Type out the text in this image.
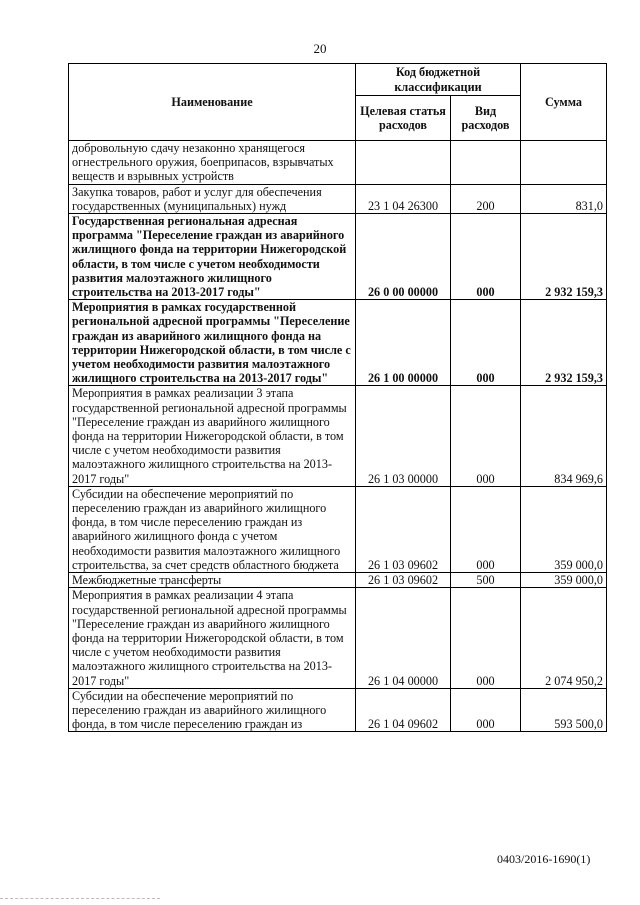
20
Наименование	Код бюджетной классификации		Сумма
	Целевая статья расходов	Вид расходов	
добровольную сдачу незаконно хранящегося огнестрельного оружия, боеприпасов, взрывчатых веществ и взрывных устройств			
Закупка товаров, работ и услуг для обеспечения государственных (муниципальных) нужд	23 1 04 26300	200	831,0
Государственная региональная адресная программа "Переселение граждан из аварийного жилищного фонда на территории Нижегородской области, в том числе с учетом необходимости развития малоэтажного жилищного строительства на 2013-2017 годы"	26 0 00 00000	000	2 932 159,3
Мероприятия в рамках государственной региональной адресной программы "Переселение граждан из аварийного жилищного фонда на территории Нижегородской области, в том числе с учетом необходимости развития малоэтажного жилищного строительства на 2013-2017 годы"	26 1 00 00000	000	2 932 159,3
Мероприятия в рамках реализации 3 этапа государственной региональной адресной программы "Переселение граждан из аварийного жилищного фонда на территории Нижегородской области, в том числе с учетом необходимости развития малоэтажного жилищного строительства на 2013-2017 годы"	26 1 03 00000	000	834 969,6
Субсидии на обеспечение мероприятий по переселению граждан из аварийного жилищного фонда, в том числе переселению граждан из аварийного жилищного фонда с учетом необходимости развития малоэтажного жилищного строительства, за счет средств областного бюджета	26 1 03 09602	000	359 000,0
Межбюджетные трансферты	26 1 03 09602	500	359 000,0
Мероприятия в рамках реализации 4 этапа государственной региональной адресной программы "Переселение граждан из аварийного жилищного фонда на территории Нижегородской области, в том числе с учетом необходимости развития малоэтажного жилищного строительства на 2013-2017 годы"	26 1 04 00000	000	2 074 950,2
Субсидии на обеспечение мероприятий по переселению граждан из аварийного жилищного фонда, в том числе переселению граждан из	26 1 04 09602	000	593 500,0
0403/2016-1690(1)
